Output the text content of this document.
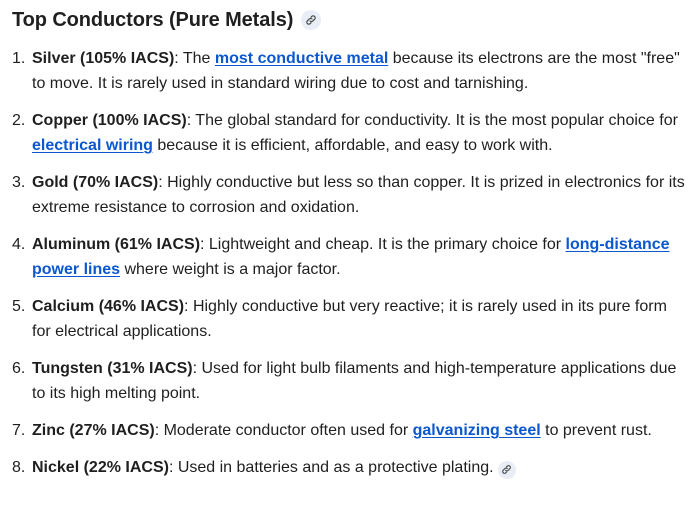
Top Conductors (Pure Metals)
1. Silver (105% IACS): The most conductive metal because its electrons are the most "free" to move. It is rarely used in standard wiring due to cost and tarnishing.
2. Copper (100% IACS): The global standard for conductivity. It is the most popular choice for electrical wiring because it is efficient, affordable, and easy to work with.
3. Gold (70% IACS): Highly conductive but less so than copper. It is prized in electronics for its extreme resistance to corrosion and oxidation.
4. Aluminum (61% IACS): Lightweight and cheap. It is the primary choice for long-distance power lines where weight is a major factor.
5. Calcium (46% IACS): Highly conductive but very reactive; it is rarely used in its pure form for electrical applications.
6. Tungsten (31% IACS): Used for light bulb filaments and high-temperature applications due to its high melting point.
7. Zinc (27% IACS): Moderate conductor often used for galvanizing steel to prevent rust.
8. Nickel (22% IACS): Used in batteries and as a protective plating.
